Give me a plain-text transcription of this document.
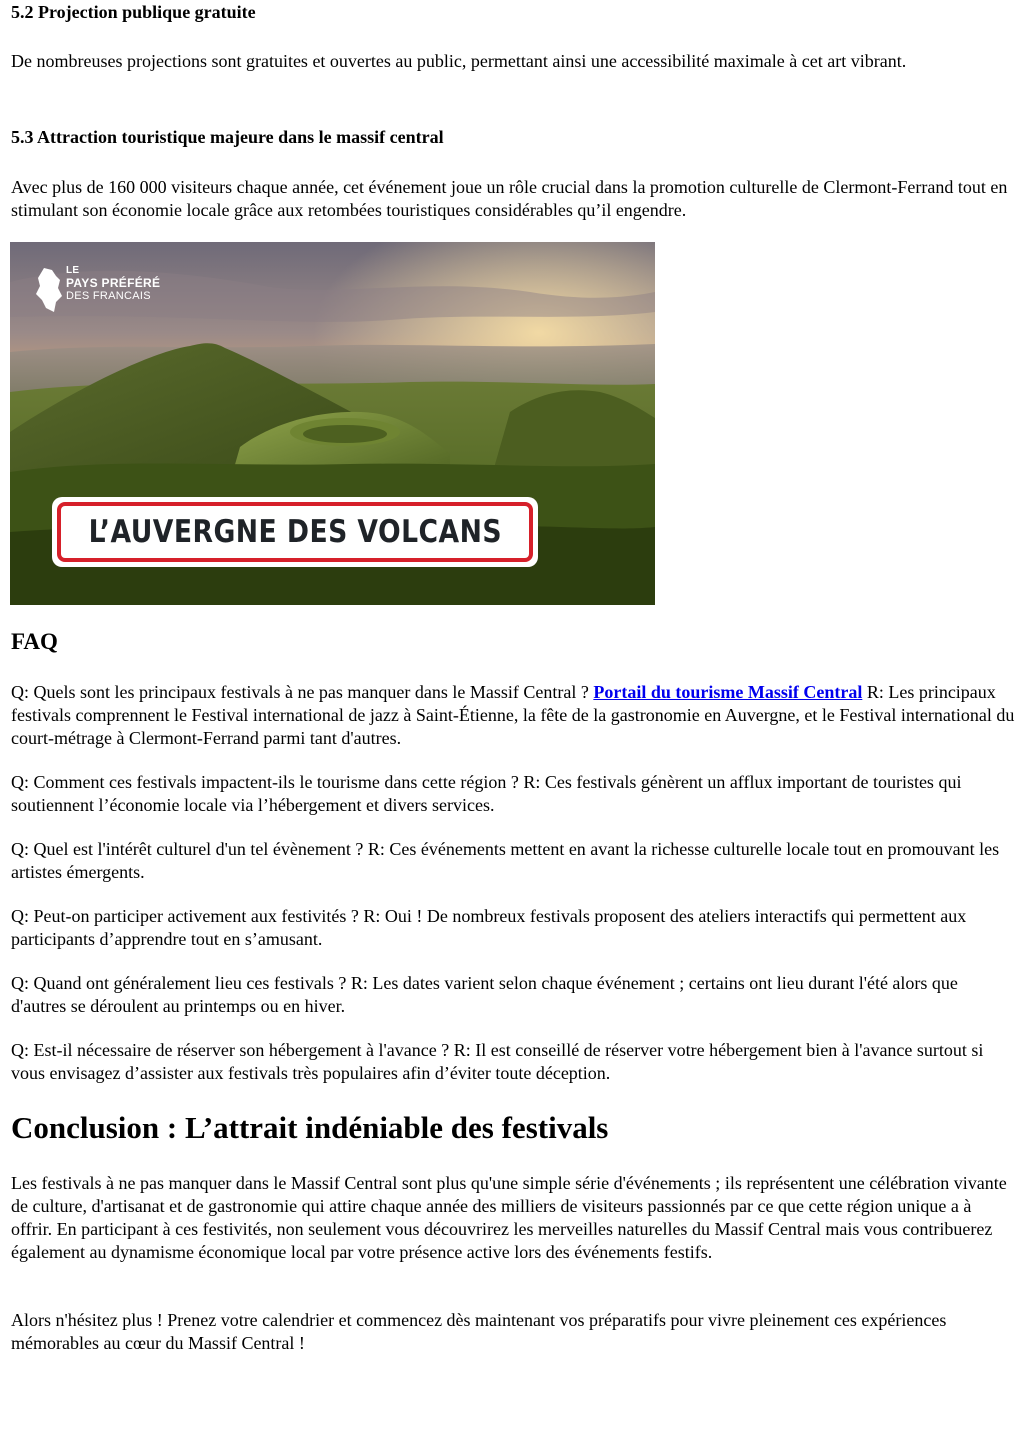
5.2 Projection publique gratuite

De nombreuses projections sont gratuites et ouvertes au public, permettant ainsi une accessibilité maximale à cet art vibrant.

5.3 Attraction touristique majeure dans le massif central

Avec plus de 160 000 visiteurs chaque année, cet événement joue un rôle crucial dans la promotion culturelle de Clermont-Ferrand tout en stimulant son économie locale grâce aux retombées touristiques considérables qu’il engendre.

LE
PAYS PRÉFÉRÉ
DES FRANCAIS
L’AUVERGNE DES VOLCANS
FAQ

Q: Quels sont les principaux festivals à ne pas manquer dans le Massif Central ? Portail du tourisme Massif Central R: Les principaux festivals comprennent le Festival international de jazz à Saint-Étienne, la fête de la gastronomie en Auvergne, et le Festival international du court-métrage à Clermont-Ferrand parmi tant d'autres.

Q: Comment ces festivals impactent-ils le tourisme dans cette région ? R: Ces festivals génèrent un afflux important de touristes qui soutiennent l’économie locale via l’hébergement et divers services.

Q: Quel est l'intérêt culturel d'un tel évènement ? R: Ces événements mettent en avant la richesse culturelle locale tout en promouvant les artistes émergents.

Q: Peut-on participer activement aux festivités ? R: Oui ! De nombreux festivals proposent des ateliers interactifs qui permettent aux participants d’apprendre tout en s’amusant.

Q: Quand ont généralement lieu ces festivals ? R: Les dates varient selon chaque événement ; certains ont lieu durant l'été alors que d'autres se déroulent au printemps ou en hiver.

Q: Est-il nécessaire de réserver son hébergement à l'avance ? R: Il est conseillé de réserver votre hébergement bien à l'avance surtout si vous envisagez d’assister aux festivals très populaires afin d’éviter toute déception.

Conclusion : L’attrait indéniable des festivals

Les festivals à ne pas manquer dans le Massif Central sont plus qu'une simple série d'événements ; ils représentent une célébration vivante de culture, d'artisanat et de gastronomie qui attire chaque année des milliers de visiteurs passionnés par ce que cette région unique a à offrir. En participant à ces festivités, non seulement vous découvrirez les merveilles naturelles du Massif Central mais vous contribuerez également au dynamisme économique local par votre présence active lors des événements festifs.

Alors n'hésitez plus ! Prenez votre calendrier et commencez dès maintenant vos préparatifs pour vivre pleinement ces expériences mémorables au cœur du Massif Central !
